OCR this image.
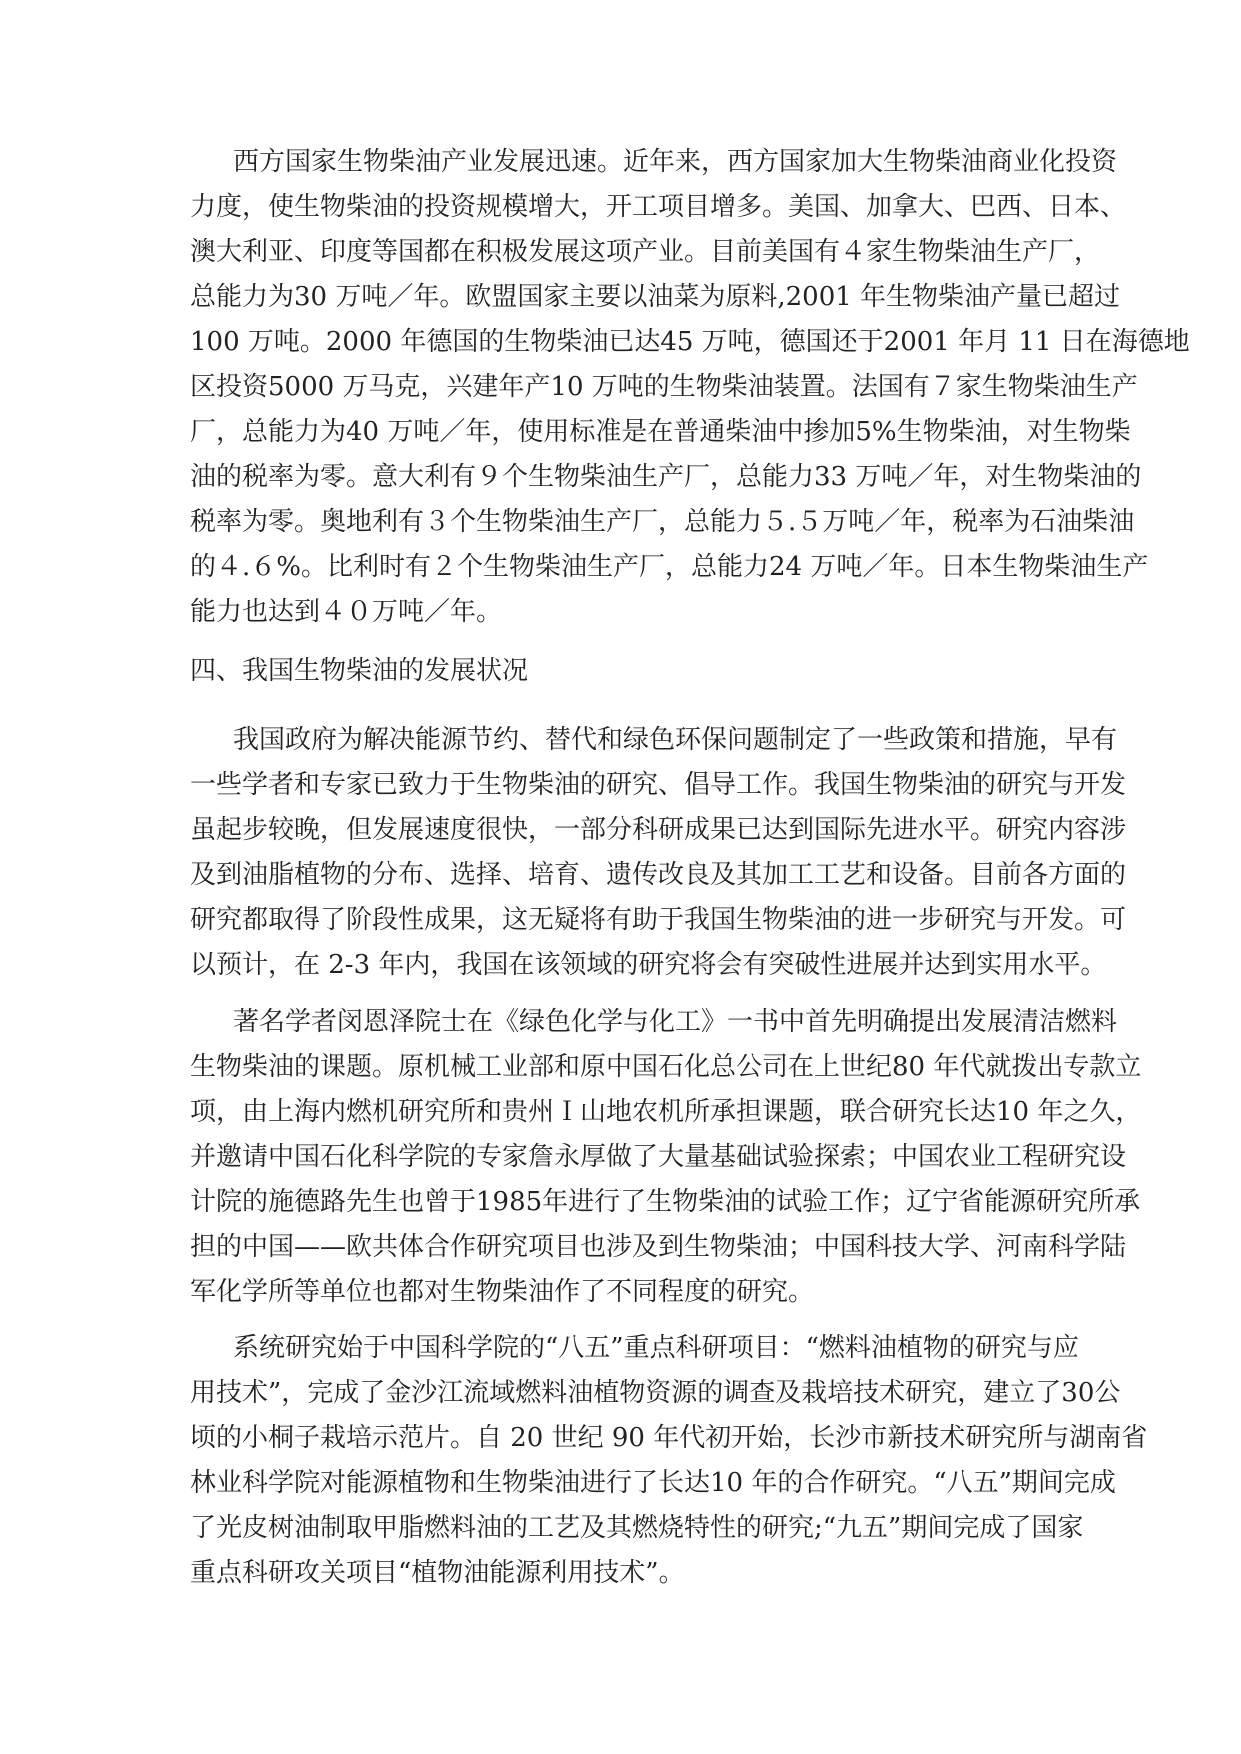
西方国家生物柴油产业发展迅速。近年来，西方国家加大生物柴油商业化投资
力度，使生物柴油的投资规模增大，开工项目增多。美国、加拿大、巴西、日本、
澳大利亚、印度等国都在积极发展这项产业。目前美国有４家生物柴油生产厂，
总能力为30 万吨／年。欧盟国家主要以油菜为原料,2001 年生物柴油产量已超过
100 万吨。2000 年德国的生物柴油已达45 万吨，德国还于2001 年月 11 日在海德地
区投资5000 万马克，兴建年产10 万吨的生物柴油装置。法国有７家生物柴油生产
厂，总能力为40 万吨／年，使用标准是在普通柴油中掺加5%生物柴油，对生物柴
油的税率为零。意大利有９个生物柴油生产厂，总能力33 万吨／年，对生物柴油的
税率为零。奥地利有３个生物柴油生产厂，总能力５.５万吨／年，税率为石油柴油
的４.６%。比利时有２个生物柴油生产厂，总能力24 万吨／年。日本生物柴油生产
能力也达到４０万吨／年。
四、我国生物柴油的发展状况
我国政府为解决能源节约、替代和绿色环保问题制定了一些政策和措施，早有
一些学者和专家已致力于生物柴油的研究、倡导工作。我国生物柴油的研究与开发
虽起步较晚，但发展速度很快，一部分科研成果已达到国际先进水平。研究内容涉
及到油脂植物的分布、选择、培育、遗传改良及其加工工艺和设备。目前各方面的
研究都取得了阶段性成果，这无疑将有助于我国生物柴油的进一步研究与开发。可
以预计，在 2-3 年内，我国在该领域的研究将会有突破性进展并达到实用水平。
著名学者闵恩泽院士在《绿色化学与化工》一书中首先明确提出发展清洁燃料
生物柴油的课题。原机械工业部和原中国石化总公司在上世纪80 年代就拨出专款立
项，由上海内燃机研究所和贵州Ｉ山地农机所承担课题，联合研究长达10 年之久，
并邀请中国石化科学院的专家詹永厚做了大量基础试验探索；中国农业工程研究设
计院的施德路先生也曾于1985年进行了生物柴油的试验工作；辽宁省能源研究所承
担的中国——欧共体合作研究项目也涉及到生物柴油；中国科技大学、河南科学陆
军化学所等单位也都对生物柴油作了不同程度的研究。
系统研究始于中国科学院的“八五”重点科研项目：“燃料油植物的研究与应
用技术”，完成了金沙江流域燃料油植物资源的调查及栽培技术研究，建立了30公
顷的小桐子栽培示范片。自 20 世纪 90 年代初开始，长沙市新技术研究所与湖南省
林业科学院对能源植物和生物柴油进行了长达10 年的合作研究。“八五”期间完成
了光皮树油制取甲脂燃料油的工艺及其燃烧特性的研究;“九五”期间完成了国家
重点科研攻关项目“植物油能源利用技术”。
